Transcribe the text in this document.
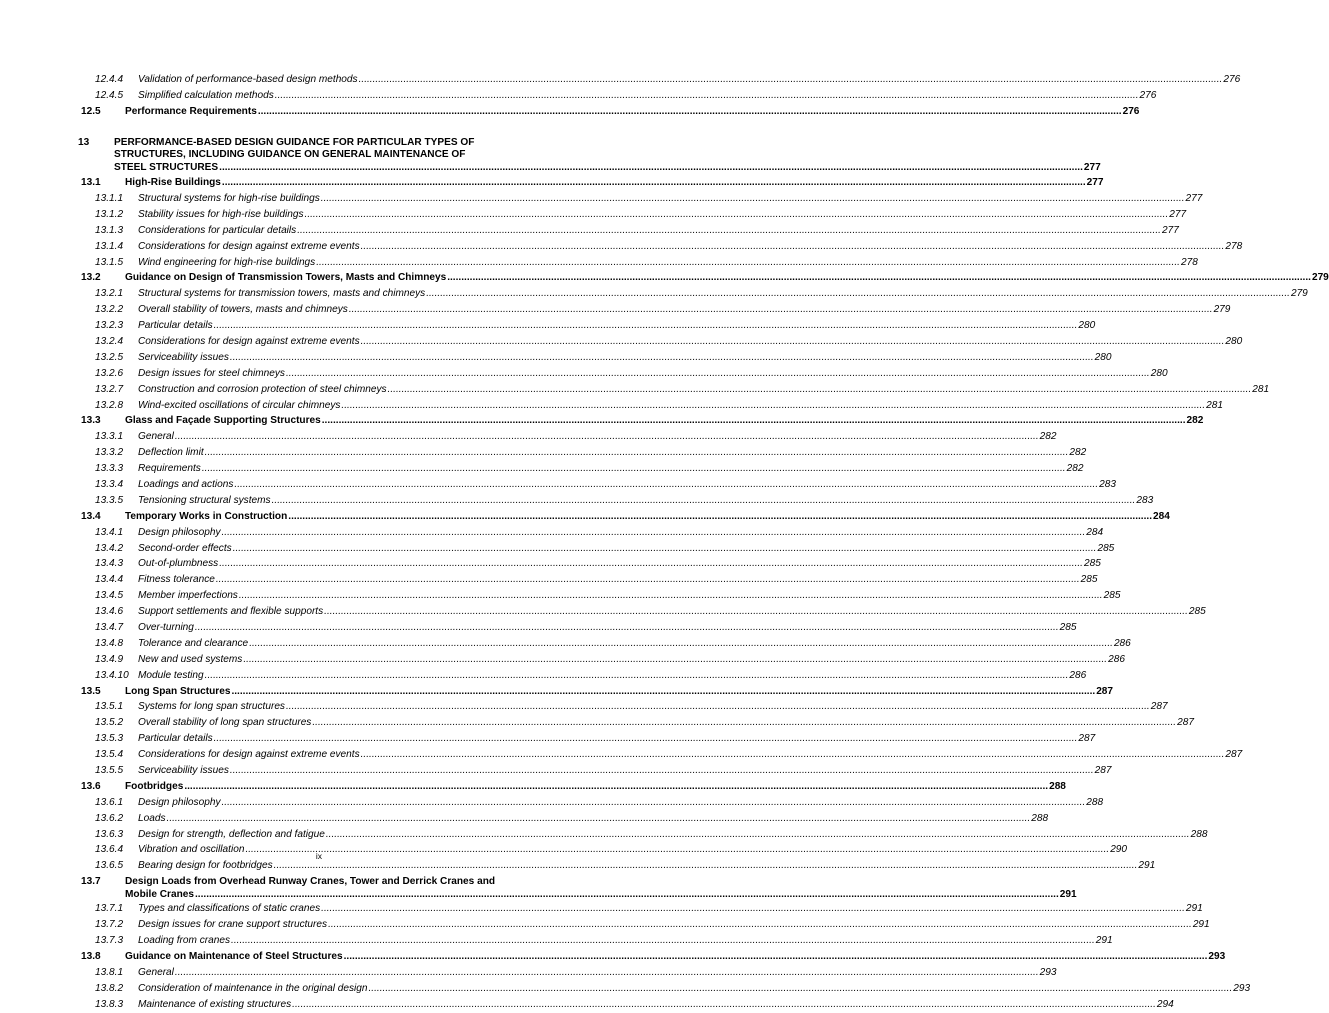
12.4.4	Validation of performance-based design methods .....	276
12.4.5	Simplified calculation methods .....	276
12.5	Performance Requirements .....	276
13	PERFORMANCE-BASED DESIGN GUIDANCE FOR PARTICULAR TYPES OF
STRUCTURES, INCLUDING GUIDANCE ON GENERAL MAINTENANCE OF
STEEL STRUCTURES .....	277
13.1	High-Rise Buildings .....	277
13.1.1	Structural systems for high-rise buildings .....	277
13.1.2	Stability issues for high-rise buildings .....	277
13.1.3	Considerations for particular details .....	277
13.1.4	Considerations for design against extreme events .....	278
13.1.5	Wind engineering for high-rise buildings .....	278
13.2	Guidance on Design of Transmission Towers, Masts and Chimneys .....	279
13.2.1	Structural systems for transmission towers, masts and chimneys .....	279
13.2.2	Overall stability of towers, masts and chimneys .....	279
13.2.3	Particular details .....	280
13.2.4	Considerations for design against extreme events .....	280
13.2.5	Serviceability issues .....	280
13.2.6	Design issues for steel chimneys .....	280
13.2.7	Construction and corrosion protection of steel chimneys .....	281
13.2.8	Wind-excited oscillations of circular chimneys .....	281
13.3	Glass and Façade Supporting Structures .....	282
13.3.1	General .....	282
13.3.2	Deflection limit .....	282
13.3.3	Requirements .....	282
13.3.4	Loadings and actions .....	283
13.3.5	Tensioning structural systems .....	283
13.4	Temporary Works in Construction .....	284
13.4.1	Design philosophy .....	284
13.4.2	Second-order effects .....	285
13.4.3	Out-of-plumbness .....	285
13.4.4	Fitness tolerance .....	285
13.4.5	Member imperfections .....	285
13.4.6	Support settlements and flexible supports .....	285
13.4.7	Over-turning .....	285
13.4.8	Tolerance and clearance .....	286
13.4.9	New and used systems .....	286
13.4.10 Module testing .....	286
13.5	Long Span Structures .....	287
13.5.1	Systems for long span structures .....	287
13.5.2	Overall stability of long span structures .....	287
13.5.3	Particular details .....	287
13.5.4	Considerations for design against extreme events .....	287
13.5.5	Serviceability issues .....	287
13.6	Footbridges .....	288
13.6.1	Design philosophy .....	288
13.6.2	Loads .....	288
13.6.3	Design for strength, deflection and fatigue .....	288
13.6.4	Vibration and oscillation .....	290
13.6.5	Bearing design for footbridges .....	291
13.7	Design Loads from Overhead Runway Cranes, Tower and Derrick Cranes and
Mobile Cranes .....	291
13.7.1	Types and classifications of static cranes .....	291
13.7.2	Design issues for crane support structures .....	291
13.7.3	Loading from cranes .....	291
13.8	Guidance on Maintenance of Steel Structures .....	293
13.8.1	General .....	293
13.8.2	Consideration of maintenance in the original design .....	293
13.8.3	Maintenance of existing structures .....	294
ix
